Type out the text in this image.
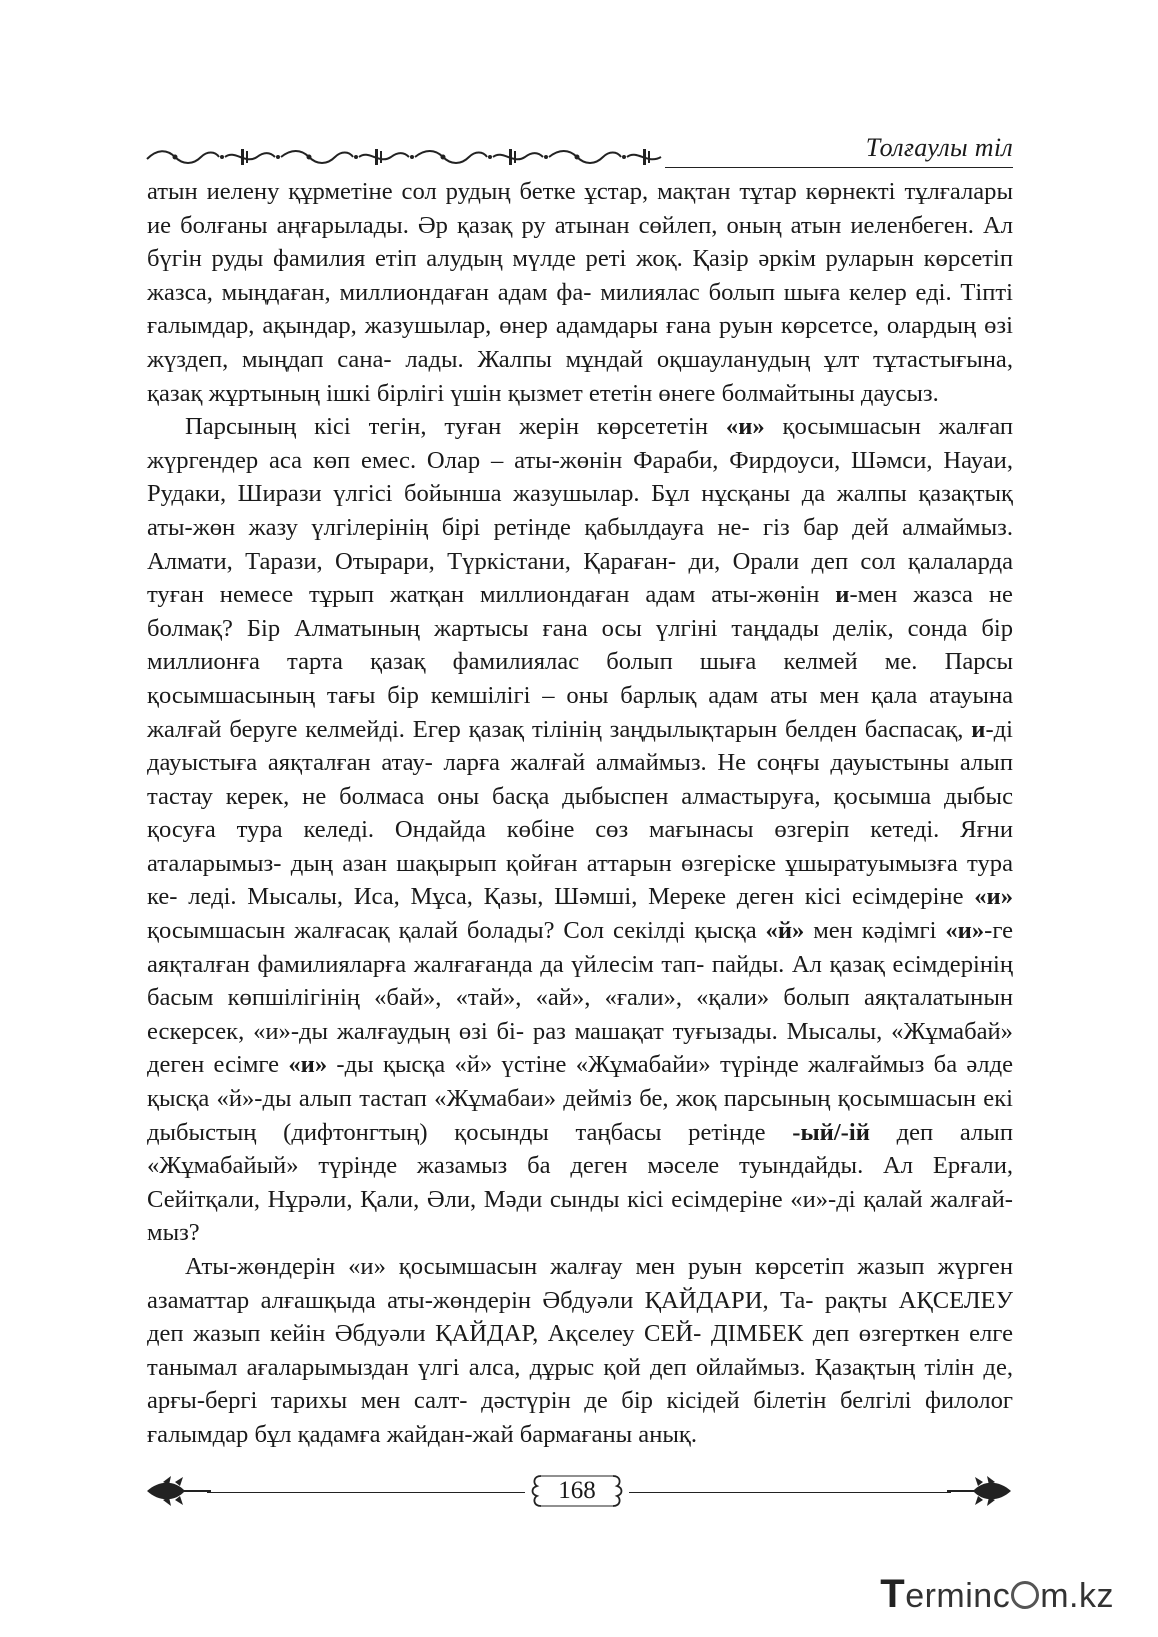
Толғаулы тіл

атын иелену құрметіне сол рудың бетке ұстар, мақтан тұтар көрнекті тұлғалары ие болғаны аңғарылады. Әр қазақ ру атынан сөйлеп, оның атын иеленбеген. Ал бүгін руды фамилия етіп алудың мүлде реті жоқ. Қазір әркім руларын көрсетіп жазса, мыңдаған, миллиондаған адам фа- милиялас болып шыға келер еді. Тіпті ғалымдар, ақындар, жазушылар, өнер адамдары ғана руын көрсетсе, олардың өзі жүздеп, мыңдап сана- лады. Жалпы мұндай оқшауланудың ұлт тұтастығына, қазақ жұртының ішкі бірлігі үшін қызмет ететін өнеге болмайтыны даусыз.

Парсының кісі тегін, туған жерін көрсететін «и» қосымшасын жалғап жүргендер аса көп емес. Олар – аты-жөнін Фараби, Фирдоуси, Шәмси, Науаи, Рудаки, Ширази үлгісі бойынша жазушылар. Бұл нұсқаны да жалпы қазақтық аты-жөн жазу үлгілерінің бірі ретінде қабылдауға не- гіз бар дей алмаймыз. Алмати, Тарази, Отырари, Түркістани, Қараған- ди, Орали деп сол қалаларда туған немесе тұрып жатқан миллиондаған адам аты-жөнін и-мен жазса не болмақ? Бір Алматының жартысы ғана осы үлгіні таңдады делік, сонда бір миллионға тарта қазақ фамилиялас болып шыға келмей ме. Парсы қосымшасының тағы бір кемшілігі – оны барлық адам аты мен қала атауына жалғай беруге келмейді. Егер қазақ тілінің заңдылықтарын белден баспасақ, и-ді дауыстыға аяқталған атау- ларға жалғай алмаймыз. Не соңғы дауыстыны алып тастау керек, не болмаса оны басқа дыбыспен алмастыруға, қосымша дыбыс қосуға тура келеді. Ондайда көбіне сөз мағынасы өзгеріп кетеді. Яғни аталарымыз- дың азан шақырып қойған аттарын өзгеріске ұшыратуымызға тура ке- леді. Мысалы, Иса, Мұса, Қазы, Шәмші, Мереке деген кісі есімдеріне «и» қосымшасын жалғасақ қалай болады? Сол секілді қысқа «й» мен кәдімгі «и»-ге аяқталған фамилияларға жалғағанда да үйлесім тап- пайды. Ал қазақ есімдерінің басым көпшілігінің «бай», «тай», «ай», «ғали», «қали» болып аяқталатынын ескерсек, «и»-ды жалғаудың өзі бі- раз машақат туғызады. Мысалы, «Жұмабай» деген есімге «и» -ды қысқа «й» үстіне «Жұмабайи» түрінде жалғаймыз ба әлде қысқа «й»-ды алып тастап «Жұмабаи» дейміз бе, жоқ парсының қосымшасын екі дыбыстың (дифтонгтың) қосынды таңбасы ретінде -ый/-ій деп алып «Жұмабайый» түрінде жазамыз ба деген мәселе туындайды. Ал Ерғали, Сейітқали, Нұрәли, Қали, Әли, Мәди сынды кісі есімдеріне «и»-ді қалай жалғай- мыз?

Аты-жөндерін «и» қосымшасын жалғау мен руын көрсетіп жазып жүрген азаматтар алғашқыда аты-жөндерін Әбдуәли ҚАЙДАРИ, Та- рақты АҚСЕЛЕУ деп жазып кейін Әбдуәли ҚАЙДАР, Ақселеу СЕЙ- ДІМБЕК деп өзгерткен елге танымал ағаларымыздан үлгі алса, дұрыс қой деп ойлаймыз. Қазақтың тілін де, арғы-бергі тарихы мен салт- дәстүрін де бір кісідей білетін белгілі филолог ғалымдар бұл қадамға жайдан-жай бармағаны анық.

168
Terminc m.kz
